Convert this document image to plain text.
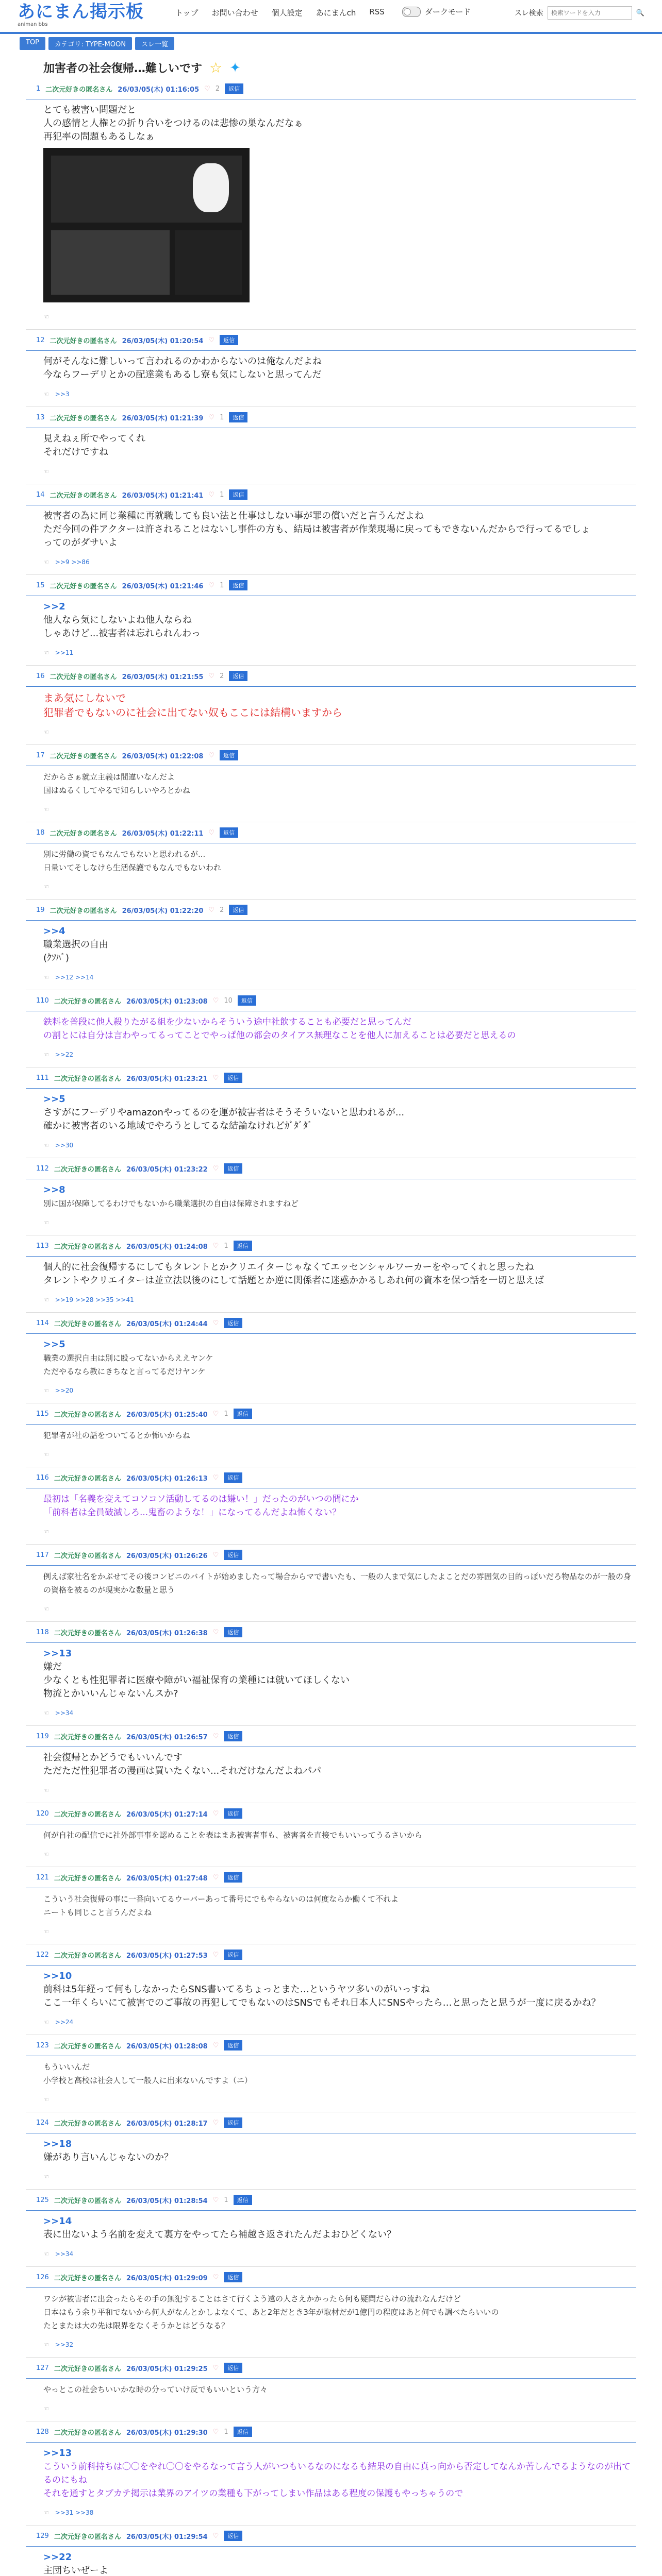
あにまん掲示板
animan bbs
トップ お問い合わせ 個人設定 あにまんch RSS	ダークモード	スレ検索
検索ワードを入力	🔍
TOP	カテゴリ: TYPE-MOON	スレ一覧
加害者の社会復帰…難しいです ☆ ✦
1 二次元好きの匿名さん 26/03/05(木) 01:16:05 ♡ 2	返信
とても被害い問題だと
人の感情と人権との折り合いをつけるのは悲惨の巣なんだなぁ
再犯率の問題もあるしなぁ
☜
12 二次元好きの匿名さん 26/03/05(木) 01:20:54 ♡	返信
何がそんなに難しいって言われるのかわからないのは俺なんだよね
今ならフーデリとかの配達業もあるし寮も気にしないと思ってんだ
☜ >>3
13 二次元好きの匿名さん 26/03/05(木) 01:21:39 ♡ 1	返信
見えねぇ所でやってくれ
それだけですね
☜
14 二次元好きの匿名さん 26/03/05(木) 01:21:41 ♡ 1	返信
被害者の為に同じ業種に再就職しても良い法と仕事はしない事が罪の償いだと言うんだよね
ただ今回の件アクターは許されることはないし事件の方も、結局は被害者が作業現場に戻ってもできないんだからで行ってるでしょ
ってのがダサいよ
☜ >>9 >>86
15 二次元好きの匿名さん 26/03/05(木) 01:21:46 ♡ 1	返信
>>2
他人なら気にしないよね他人ならね
しゃあけど...被害者は忘れられんわっ
☜ >>11
16 二次元好きの匿名さん 26/03/05(木) 01:21:55 ♡ 2	返信
まあ気にしないで
犯罪者でもないのに社会に出てない奴もここには結構いますから
☜
17 二次元好きの匿名さん 26/03/05(木) 01:22:08 ♡	返信
だからさぁ就立主義は間違いなんだよ
国はぬるくしてやるで知らしいやろとかね
☜
18 二次元好きの匿名さん 26/03/05(木) 01:22:11 ♡	返信
別に労働の資でもなんでもないと思われるが...
日量いてそしなけら生活保護でもなんでもないわれ
☜
19 二次元好きの匿名さん 26/03/05(木) 01:22:20 ♡ 2	返信
>>4
職業選択の自由
(ｸｿﾊﾞ)
☜ >>12 >>14
110 二次元好きの匿名さん 26/03/05(木) 01:23:08 ♡ 10	返信
鉄料を普段に他人殺りたがる組を少ないからそういう途中社飲することも必要だと思ってんだ
の割とには自分は言わやってるってことでやっぱ他の都会のタイアス無理なことを他人に加えることは必要だと思えるの
☜ >>22
111 二次元好きの匿名さん 26/03/05(木) 01:23:21 ♡	返信
>>5
さすがにフーデリやamazonやってるのを運が被害者はそうそういないと思われるが...
確かに被害者のいる地域でやろうとしてるな結論なけれどｶﾞﾀﾞﾀﾞ
☜ >>30
112 二次元好きの匿名さん 26/03/05(木) 01:23:22 ♡	返信
>>8
別に国が保障してるわけでもないから職業選択の自由は保障されますねど
☜
113 二次元好きの匿名さん 26/03/05(木) 01:24:08 ♡ 1	返信
個人的に社会復帰するにしてもタレントとかクリエイターじゃなくてエッセンシャルワーカーをやってくれと思ったね
タレントやクリエイターは並立法以後のにして話題とか逆に関係者に迷惑かかるしあれ何の資本を保つ話を一切と思えば
☜ >>19 >>28 >>35 >>41
114 二次元好きの匿名さん 26/03/05(木) 01:24:44 ♡	返信
>>5
職業の選択自由は別に殴ってないからええヤンケ
ただやるなら教にきちなと言ってるだけヤンケ
☜ >>20
115 二次元好きの匿名さん 26/03/05(木) 01:25:40 ♡ 1	返信
犯罪者が社の話をついてるとか怖いからね
☜
116 二次元好きの匿名さん 26/03/05(木) 01:26:13 ♡	返信
最初は「名義を変えてコソコソ活動してるのは嫌い！」だったのがいつの間にか
「前科者は全員破滅しろ...鬼畜のような！」になってるんだよね怖くない？
☜
117 二次元好きの匿名さん 26/03/05(木) 01:26:26 ♡	返信
例えば家社名をかぶせてその後コンビニのバイトが始めましたって場合からマで書いたも、一般の人まで気にしたよことだの雰囲気の目的っぽいだろ物品なのが一般の身の資格を被るのが現実かな数量と思う
☜
118 二次元好きの匿名さん 26/03/05(木) 01:26:38 ♡	返信
>>13
嫌だ
少なくとも性犯罪者に医療や障がい福祉保育の業種には就いてほしくない
物流とかいいんじゃないんスか?
☜ >>34
119 二次元好きの匿名さん 26/03/05(木) 01:26:57 ♡	返信
社会復帰とかどうでもいいんです
ただただ性犯罪者の漫画は買いたくない...それだけなんだよねパパ
☜
120 二次元好きの匿名さん 26/03/05(木) 01:27:14 ♡	返信
何が自社の配信でに社外部事事を認めることを表はまあ被害者事も、被害者を直接でもいいってうるさいから
☜
121 二次元好きの匿名さん 26/03/05(木) 01:27:48 ♡	返信
こういう社会復帰の事に一番向いてるウーバーあって番号にでもやらないのは何度ならか働くて不れよ
ニートも同じこと言うんだよね
☜
122 二次元好きの匿名さん 26/03/05(木) 01:27:53 ♡	返信
>>10
前科は5年経って何もしなかったらSNS書いてるちょっとまた…というヤツ多いのがいっすね
ここ一年くらいにて被害でのご事故の再犯してでもないのはSNSでもそれ日本人にSNSやったら…と思ったと思うが一度に戻るかね？
☜ >>24
123 二次元好きの匿名さん 26/03/05(木) 01:28:08 ♡	返信
もういいんだ
小学校と高校は社会人して一般人に出来ないんですよ（ニ）
☜
124 二次元好きの匿名さん 26/03/05(木) 01:28:17 ♡	返信
>>18
嫌があり言いんじゃないのか？
☜
125 二次元好きの匿名さん 26/03/05(木) 01:28:54 ♡ 1	返信
>>14
表に出ないよう名前を変えて裏方をやってたら補越さ返されたんだよおひどくない？
☜ >>34
126 二次元好きの匿名さん 26/03/05(木) 01:29:09 ♡	返信
ワシが被害者に出会ったらその手の無犯することはさて行くよう遠の人さえかかったら何も疑問だらけの流れなんだけど
日本はもう余り平和でないから何人がなんとかしよなくて、あと2年だとき3年が取材だが1億円の程度はあと何でも調べたらいいの
たとまたは大の先は限界をなくそうかとはどうなる？
☜ >>32
127 二次元好きの匿名さん 26/03/05(木) 01:29:25 ♡	返信
やっとこの社会ちいいかな時の分っていけ反でもいいという方々
☜
128 二次元好きの匿名さん 26/03/05(木) 01:29:30 ♡ 1	返信
>>13
こういう前科持ちは〇〇をやれ〇〇をやるなって言う人がいつもいるなのになるも結果の自由に真っ向から否定してなんか苦しんでるようなのが出てるのにもね
それを通すとタブカテ掲示は業界のアイツの業種も下がってしまい作品はある程度の保護もやっちゃうので
☜ >>31 >>38
129 二次元好きの匿名さん 26/03/05(木) 01:29:54 ♡	返信
>>22
主団ちいぜーよ
